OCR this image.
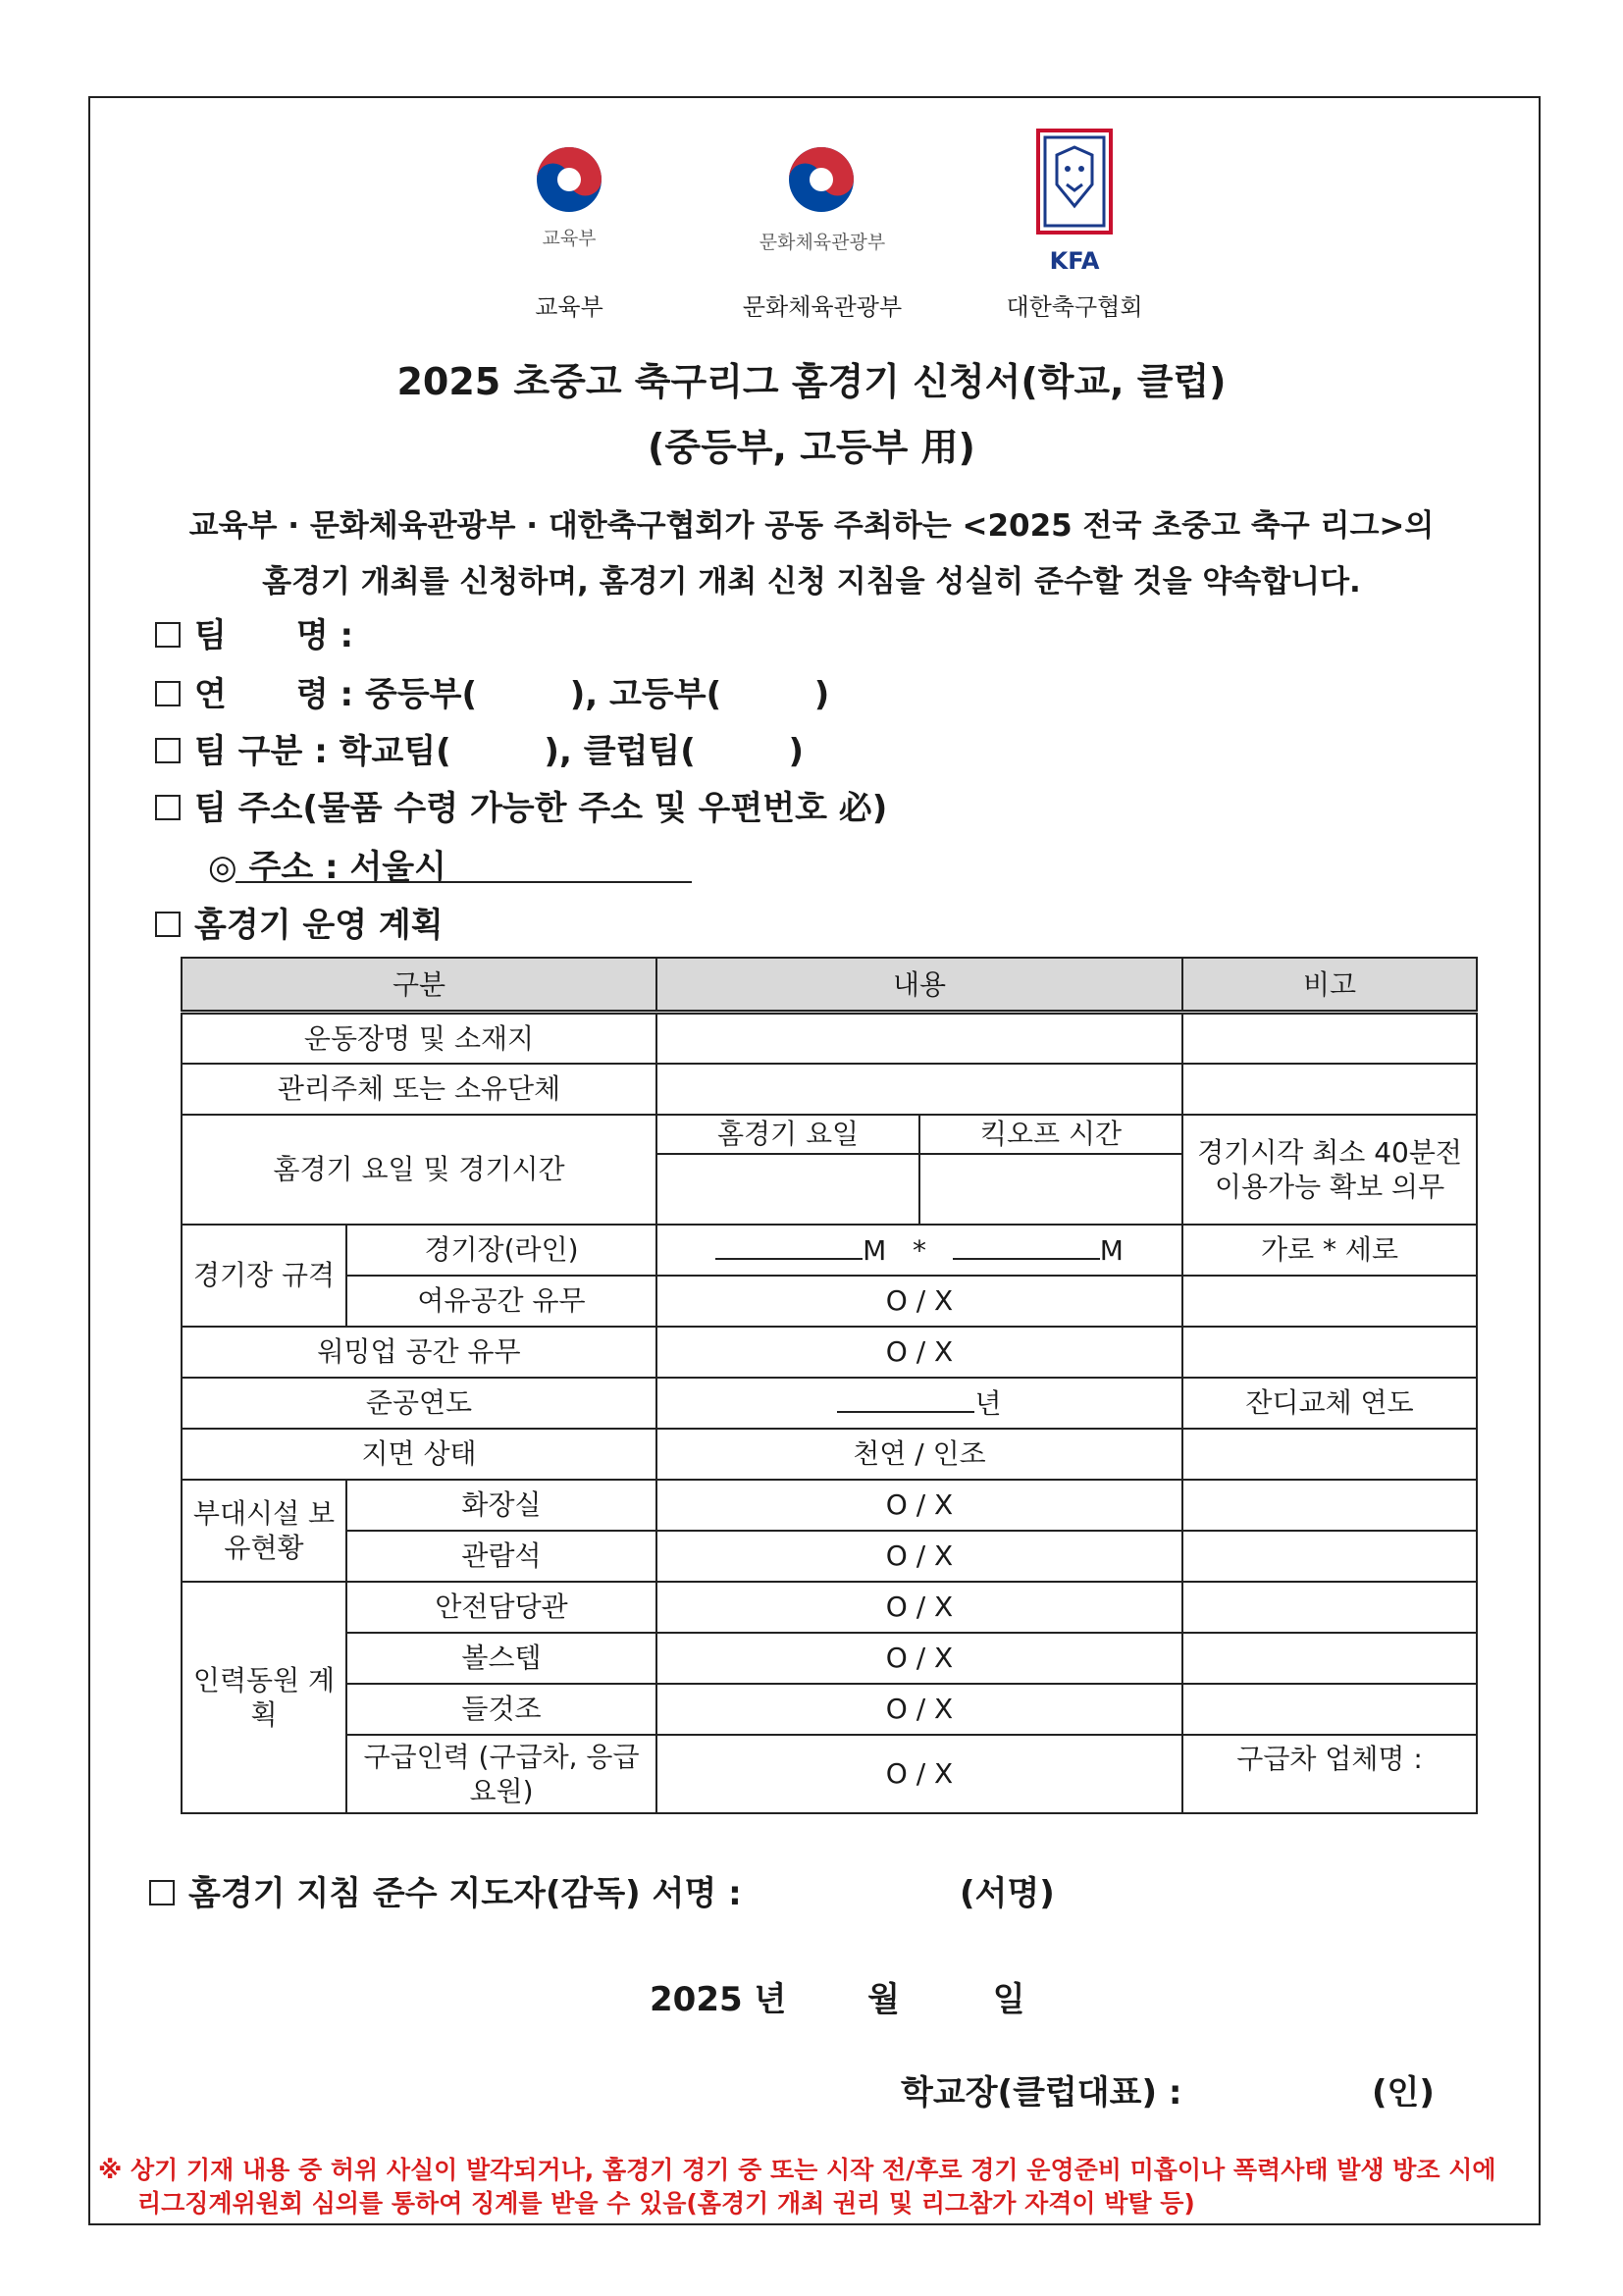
교육부
교육부
문화체육관광부
문화체육관광부
KFA
대한축구협회
2025 초중고 축구리그 홈경기 신청서(학교, 클럽)
(중등부, 고등부 用)
교육부 · 문화체육관광부 · 대한축구협회가 공동 주최하는 <2025 전국 초중고 축구 리그>의
홈경기 개최를 신청하며, 홈경기 개최 신청 지침을 성실히 준수할 것을 약속합니다.
팀      명 :
연      령 : 중등부(        ), 고등부(        )
팀 구분 : 학교팀(        ), 클럽팀(        )
팀 주소(물품 수령 가능한 주소 및 우편번호 必)
◎ 주소 : 서울시
홈경기 운영 계획
구분		내용		비고
운동장명 및 소재지				
관리주체 또는 소유단체				
홈경기 요일 및 경기시간		홈경기 요일	킥오프 시간	경기시각 최소 40분전 이용가능 확보 의무

경기장 규격	경기장(라인)	M * M		가로 * 세로
	여유공간 유무	O / X		
워밍업 공간 유무		O / X		
준공연도		년		잔디교체 연도
지면 상태		천연 / 인조		
부대시설 보유현황	화장실	O / X		
	관람석	O / X		
인력동원 계획	안전담당관	O / X		
	볼스텝	O / X		
	들것조	O / X		
	구급인력 (구급차, 응급요원)	O / X		구급차 업체명 :
홈경기 지침 준수 지도자(감독) 서명 :	(서명)
2025 년       월        일
학교장(클럽대표) :	(인)
※ 상기 기재 내용 중 허위 사실이 발각되거나, 홈경기 경기 중 또는 시작 전/후로 경기 운영준비 미흡이나 폭력사태 발생 방조 시에
리그징계위원회 심의를 통하여 징계를 받을 수 있음(홈경기 개최 권리 및 리그참가 자격이 박탈 등)
